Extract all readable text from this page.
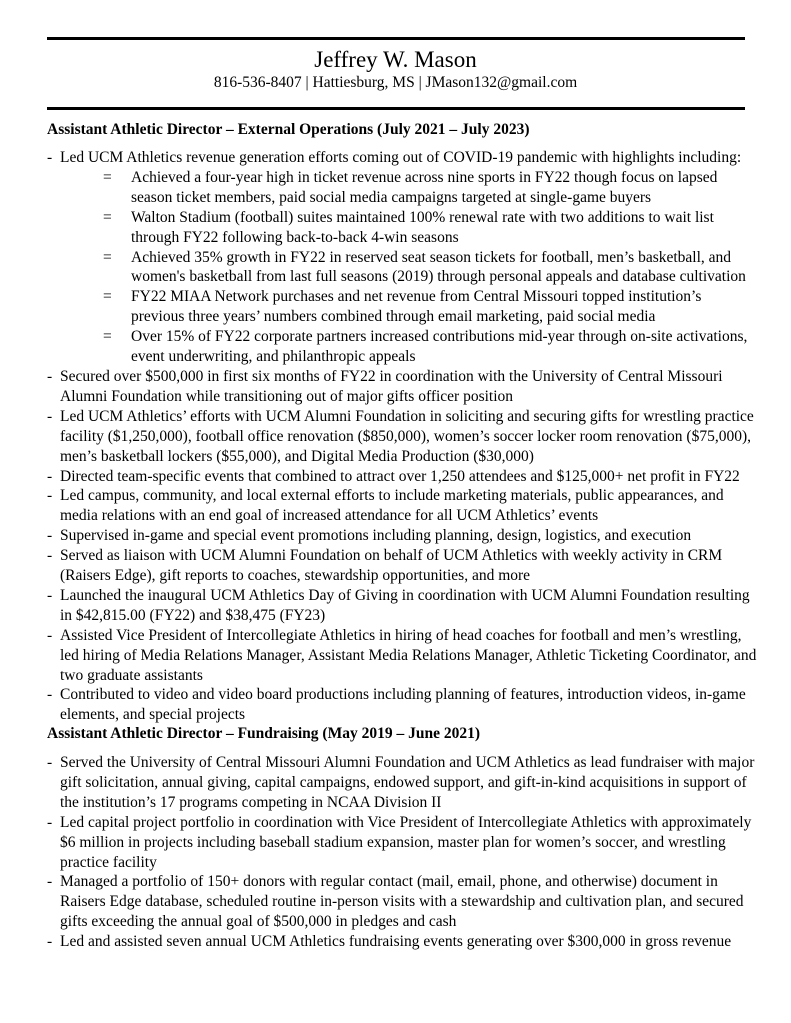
Jeffrey W. Mason
816-536-8407 | Hattiesburg, MS | JMason132@gmail.com
Assistant Athletic Director – External Operations (July 2021 – July 2023)
- Led UCM Athletics revenue generation efforts coming out of COVID-19 pandemic with highlights including:
= Achieved a four-year high in ticket revenue across nine sports in FY22 though focus on lapsed season ticket members, paid social media campaigns targeted at single-game buyers
= Walton Stadium (football) suites maintained 100% renewal rate with two additions to wait list through FY22 following back-to-back 4-win seasons
= Achieved 35% growth in FY22 in reserved seat season tickets for football, men’s basketball, and women's basketball from last full seasons (2019) through personal appeals and database cultivation
= FY22 MIAA Network purchases and net revenue from Central Missouri topped institution’s previous three years’ numbers combined through email marketing, paid social media
= Over 15% of FY22 corporate partners increased contributions mid-year through on-site activations, event underwriting, and philanthropic appeals
- Secured over $500,000 in first six months of FY22 in coordination with the University of Central Missouri Alumni Foundation while transitioning out of major gifts officer position
- Led UCM Athletics’ efforts with UCM Alumni Foundation in soliciting and securing gifts for wrestling practice facility ($1,250,000), football office renovation ($850,000), women’s soccer locker room renovation ($75,000), men’s basketball lockers ($55,000), and Digital Media Production ($30,000)
- Directed team-specific events that combined to attract over 1,250 attendees and $125,000+ net profit in FY22
- Led campus, community, and local external efforts to include marketing materials, public appearances, and media relations with an end goal of increased attendance for all UCM Athletics’ events
- Supervised in-game and special event promotions including planning, design, logistics, and execution
- Served as liaison with UCM Alumni Foundation on behalf of UCM Athletics with weekly activity in CRM (Raisers Edge), gift reports to coaches, stewardship opportunities, and more
- Launched the inaugural UCM Athletics Day of Giving in coordination with UCM Alumni Foundation resulting in $42,815.00 (FY22) and $38,475 (FY23)
- Assisted Vice President of Intercollegiate Athletics in hiring of head coaches for football and men’s wrestling, led hiring of Media Relations Manager, Assistant Media Relations Manager, Athletic Ticketing Coordinator, and two graduate assistants
- Contributed to video and video board productions including planning of features, introduction videos, in-game elements, and special projects
Assistant Athletic Director – Fundraising (May 2019 – June 2021)
- Served the University of Central Missouri Alumni Foundation and UCM Athletics as lead fundraiser with major gift solicitation, annual giving, capital campaigns, endowed support, and gift-in-kind acquisitions in support of the institution’s 17 programs competing in NCAA Division II
- Led capital project portfolio in coordination with Vice President of Intercollegiate Athletics with approximately $6 million in projects including baseball stadium expansion, master plan for women’s soccer, and wrestling practice facility
- Managed a portfolio of 150+ donors with regular contact (mail, email, phone, and otherwise) document in Raisers Edge database, scheduled routine in-person visits with a stewardship and cultivation plan, and secured gifts exceeding the annual goal of $500,000 in pledges and cash
- Led and assisted seven annual UCM Athletics fundraising events generating over $300,000 in gross revenue
